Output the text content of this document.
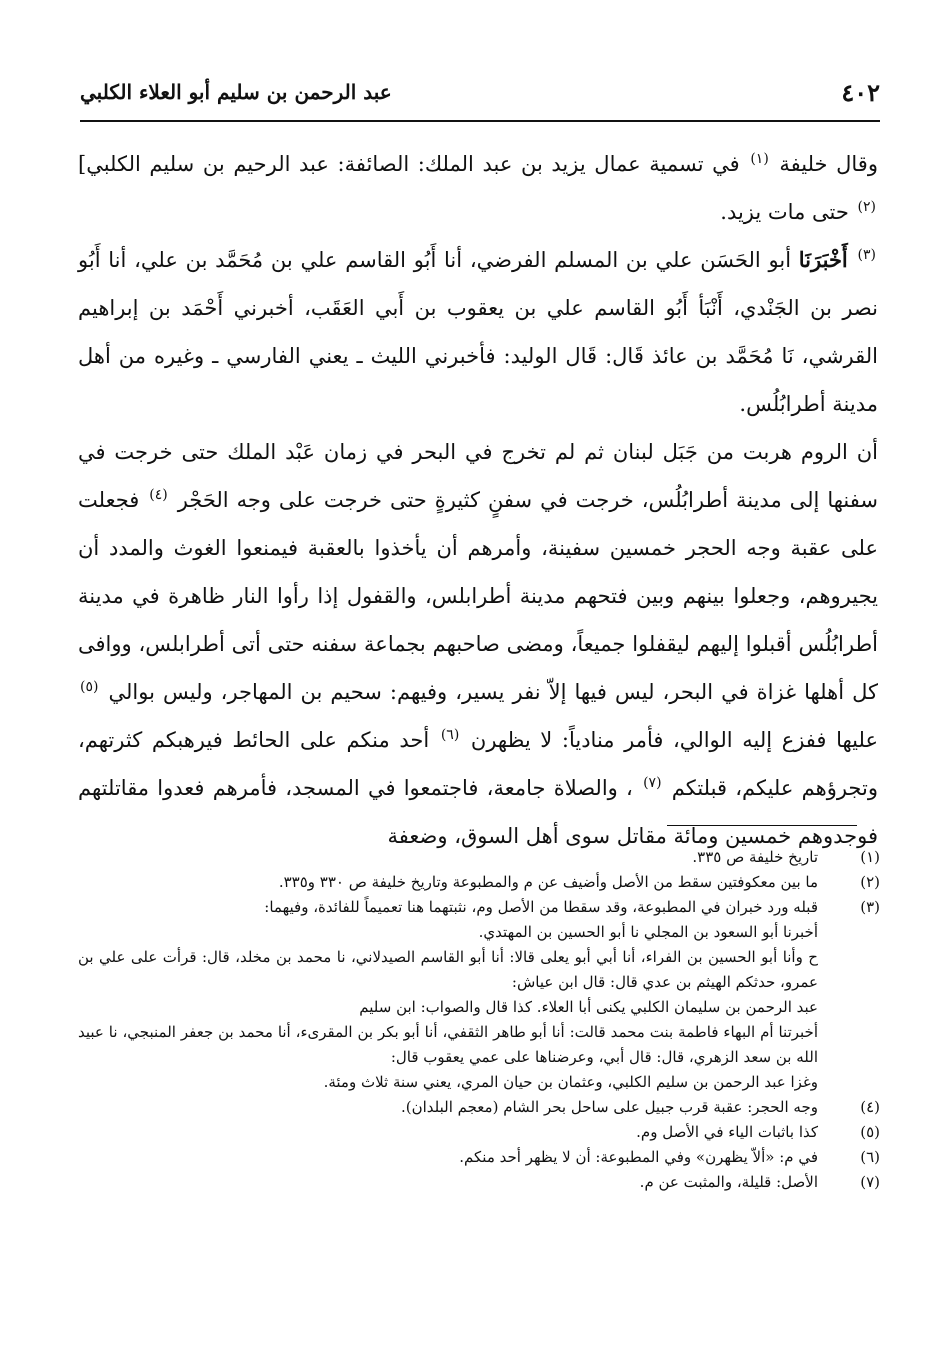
٤٠٢
عبد الرحمن بن سليم أبو العلاء الكلبي

وقال خليفة $^{(١)}$ في تسمية عمال يزيد بن عبد الملك: الصائفة: عبد الرحيم بن سليم الكلبي] $^{(٢)}$ حتى مات يزيد.

$^{(٣)}$ أَخْبَرَنَا أبو الحَسَن علي بن المسلم الفرضي، أنا أَبُو القاسم علي بن مُحَمَّد بن علي، أنا أَبُو نصر بن الجَنْدي، أَنْبَأ أَبُو القاسم علي بن يعقوب بن أَبي العَقَب، أخبرني أَحْمَد بن إبراهيم القرشي، نَا مُحَمَّد بن عائذ قَال: قَال الوليد: فأخبرني الليث ـ يعني الفارسي ـ وغيره من أهل مدينة أطرابُلُس.

أن الروم هربت من جَبَل لبنان ثم لم تخرج في البحر في زمان عَبْد الملك حتى خرجت في سفنها إلى مدينة أطرابُلُس، خرجت في سفنٍ كثيرةٍ حتى خرجت على وجه الحَجْر $^{(٤)}$ فجعلت على عقبة وجه الحجر خمسين سفينة، وأمرهم أن يأخذوا بالعقبة فيمنعوا الغوث والمدد أن يجيروهم، وجعلوا بينهم وبين فتحهم مدينة أطرابلس، والقفول إذا رأوا النار ظاهرة في مدينة أطرابُلُس أقبلوا إليهم ليقفلوا جميعاً، ومضى صاحبهم بجماعة سفنه حتى أتى أطرابلس، ووافى كل أهلها غزاة في البحر، ليس فيها إلاّ نفر يسير، وفيهم: سحيم بن المهاجر، وليس بوالي $^{(٥)}$ عليها ففزع إليه الوالي، فأمر منادياً: لا يظهرن $^{(٦)}$ أحد منكم على الحائط فيرهبكم كثرتهم، وتجرؤهم عليكم، قبلتكم $^{(٧)}$ ، والصلاة جامعة، فاجتمعوا في المسجد، فأمرهم فعدوا مقاتلتهم فوجدوهم خمسين ومائة مقاتل سوى أهل السوق، وضعفة

(١)
تاريخ خليفة ص ٣٣٥.
(٢)
ما بين معكوفتين سقط من الأصل وأضيف عن م والمطبوعة وتاريخ خليفة ص ٣٣٠ و٣٣٥.
(٣)
قبله ورد خبران في المطبوعة، وقد سقطا من الأصل وم، نثبتهما هنا تعميماً للفائدة، وفيهما:
أخبرنا أبو السعود بن المجلي نا أبو الحسين بن المهتدي.
ح وأنا أبو الحسين بن الفراء، أنا أبي أبو يعلى قالا: أنا أبو القاسم الصيدلاني، نا محمد بن مخلد، قال: قرأت على علي بن عمرو، حدثكم الهيثم بن عدي قال: قال ابن عياش:
عبد الرحمن بن سليمان الكلبي يكنى أبا العلاء. كذا قال والصواب: ابن سليم
أخبرتنا أم البهاء فاطمة بنت محمد قالت: أنا أبو طاهر الثقفي، أنا أبو بكر بن المقرىء، أنا محمد بن جعفر المنبجي، نا عبيد الله بن سعد الزهري، قال: قال أبي، وعرضناها على عمي يعقوب قال:
وغزا عبد الرحمن بن سليم الكلبي، وعثمان بن حيان المري، يعني سنة ثلاث ومئة.
(٤)
وجه الحجر: عقبة قرب جبيل على ساحل بحر الشام (معجم البلدان).
(٥)
كذا باثبات الياء في الأصل وم.
(٦)
في م: «ألاّ يظهرن» وفي المطبوعة: أن لا يظهر أحد منكم.
(٧)
الأصل: قليلة، والمثبت عن م.
